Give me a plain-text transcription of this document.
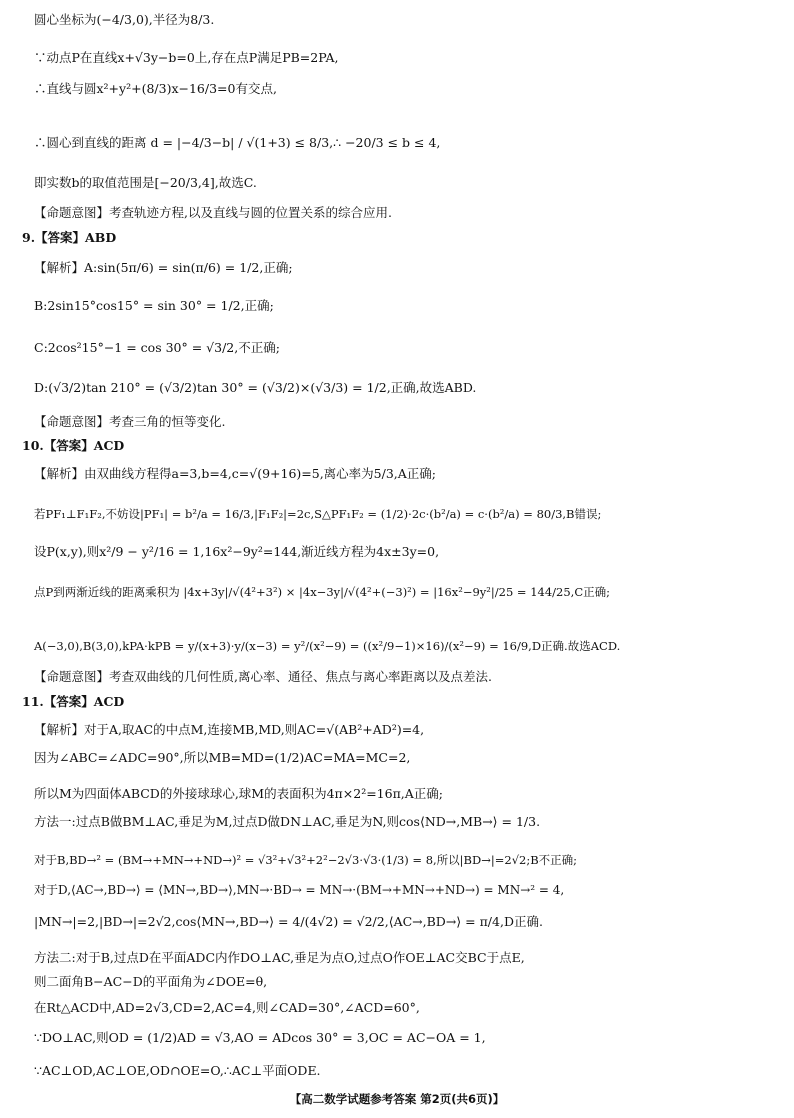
圆心坐标为(−4/3,0),半径为8/3.
∵动点P在直线x+√3y−b=0上,存在点P满足PB=2PA,
∴直线与圆x²+y²+(8/3)x−16/3=0有交点,
∴圆心到直线的距离 d = |−4/3−b| / √(1+3) ≤ 8/3,∴ −20/3 ≤ b ≤ 4,
即实数b的取值范围是[−20/3,4],故选C.
【命题意图】考查轨迹方程,以及直线与圆的位置关系的综合应用.
9.【答案】ABD
【解析】A:sin(5π/6) = sin(π/6) = 1/2,正确;
B:2sin15°cos15° = sin 30° = 1/2,正确;
C:2cos²15°−1 = cos 30° = √3/2,不正确;
D:(√3/2)tan 210° = (√3/2)tan 30° = (√3/2)×(√3/3) = 1/2,正确,故选ABD.
【命题意图】考查三角的恒等变化.
10.【答案】ACD
【解析】由双曲线方程得a=3,b=4,c=√(9+16)=5,离心率为5/3,A正确;
若PF₁⊥F₁F₂,不妨设|PF₁| = b²/a = 16/3,|F₁F₂|=2c,S△PF₁F₂ = (1/2)·2c·(b²/a) = c·(b²/a) = 80/3,B错误;
设P(x,y),则x²/9 − y²/16 = 1,16x²−9y²=144,渐近线方程为4x±3y=0,
点P到两渐近线的距离乘积为 |4x+3y|/√(4²+3²) × |4x−3y|/√(4²+(−3)²) = |16x²−9y²|/25 = 144/25,C正确;
A(−3,0),B(3,0),kPA·kPB = y/(x+3)·y/(x−3) = y²/(x²−9) = ((x²/9−1)×16)/(x²−9) = 16/9,D正确.故选ACD.
【命题意图】考查双曲线的几何性质,离心率、通径、焦点与离心率距离以及点差法.
11.【答案】ACD
【解析】对于A,取AC的中点M,连接MB,MD,则AC=√(AB²+AD²)=4,
因为∠ABC=∠ADC=90°,所以MB=MD=(1/2)AC=MA=MC=2,
所以M为四面体ABCD的外接球球心,球M的表面积为4π×2²=16π,A正确;
方法一:过点B做BM⊥AC,垂足为M,过点D做DN⊥AC,垂足为N,则cos⟨ND→,MB→⟩ = 1/3.
对于B,BD→² = (BM→+MN→+ND→)² = √3²+√3²+2²−2√3·√3·(1/3) = 8,所以|BD→|=2√2;B不正确;
对于D,⟨AC→,BD→⟩ = ⟨MN→,BD→⟩,MN→·BD→ = MN→·(BM→+MN→+ND→) = MN→² = 4,
|MN→|=2,|BD→|=2√2,cos⟨MN→,BD→⟩ = 4/(4√2) = √2/2,⟨AC→,BD→⟩ = π/4,D正确.
方法二:对于B,过点D在平面ADC内作DO⊥AC,垂足为点O,过点O作OE⊥AC交BC于点E,
则二面角B−AC−D的平面角为∠DOE=θ,
在Rt△ACD中,AD=2√3,CD=2,AC=4,则∠CAD=30°,∠ACD=60°,
∵DO⊥AC,则OD = (1/2)AD = √3,AO = ADcos 30° = 3,OC = AC−OA = 1,
∵AC⊥OD,AC⊥OE,OD∩OE=O,∴AC⊥平面ODE.
【高二数学试题参考答案 第2页(共6页)】
